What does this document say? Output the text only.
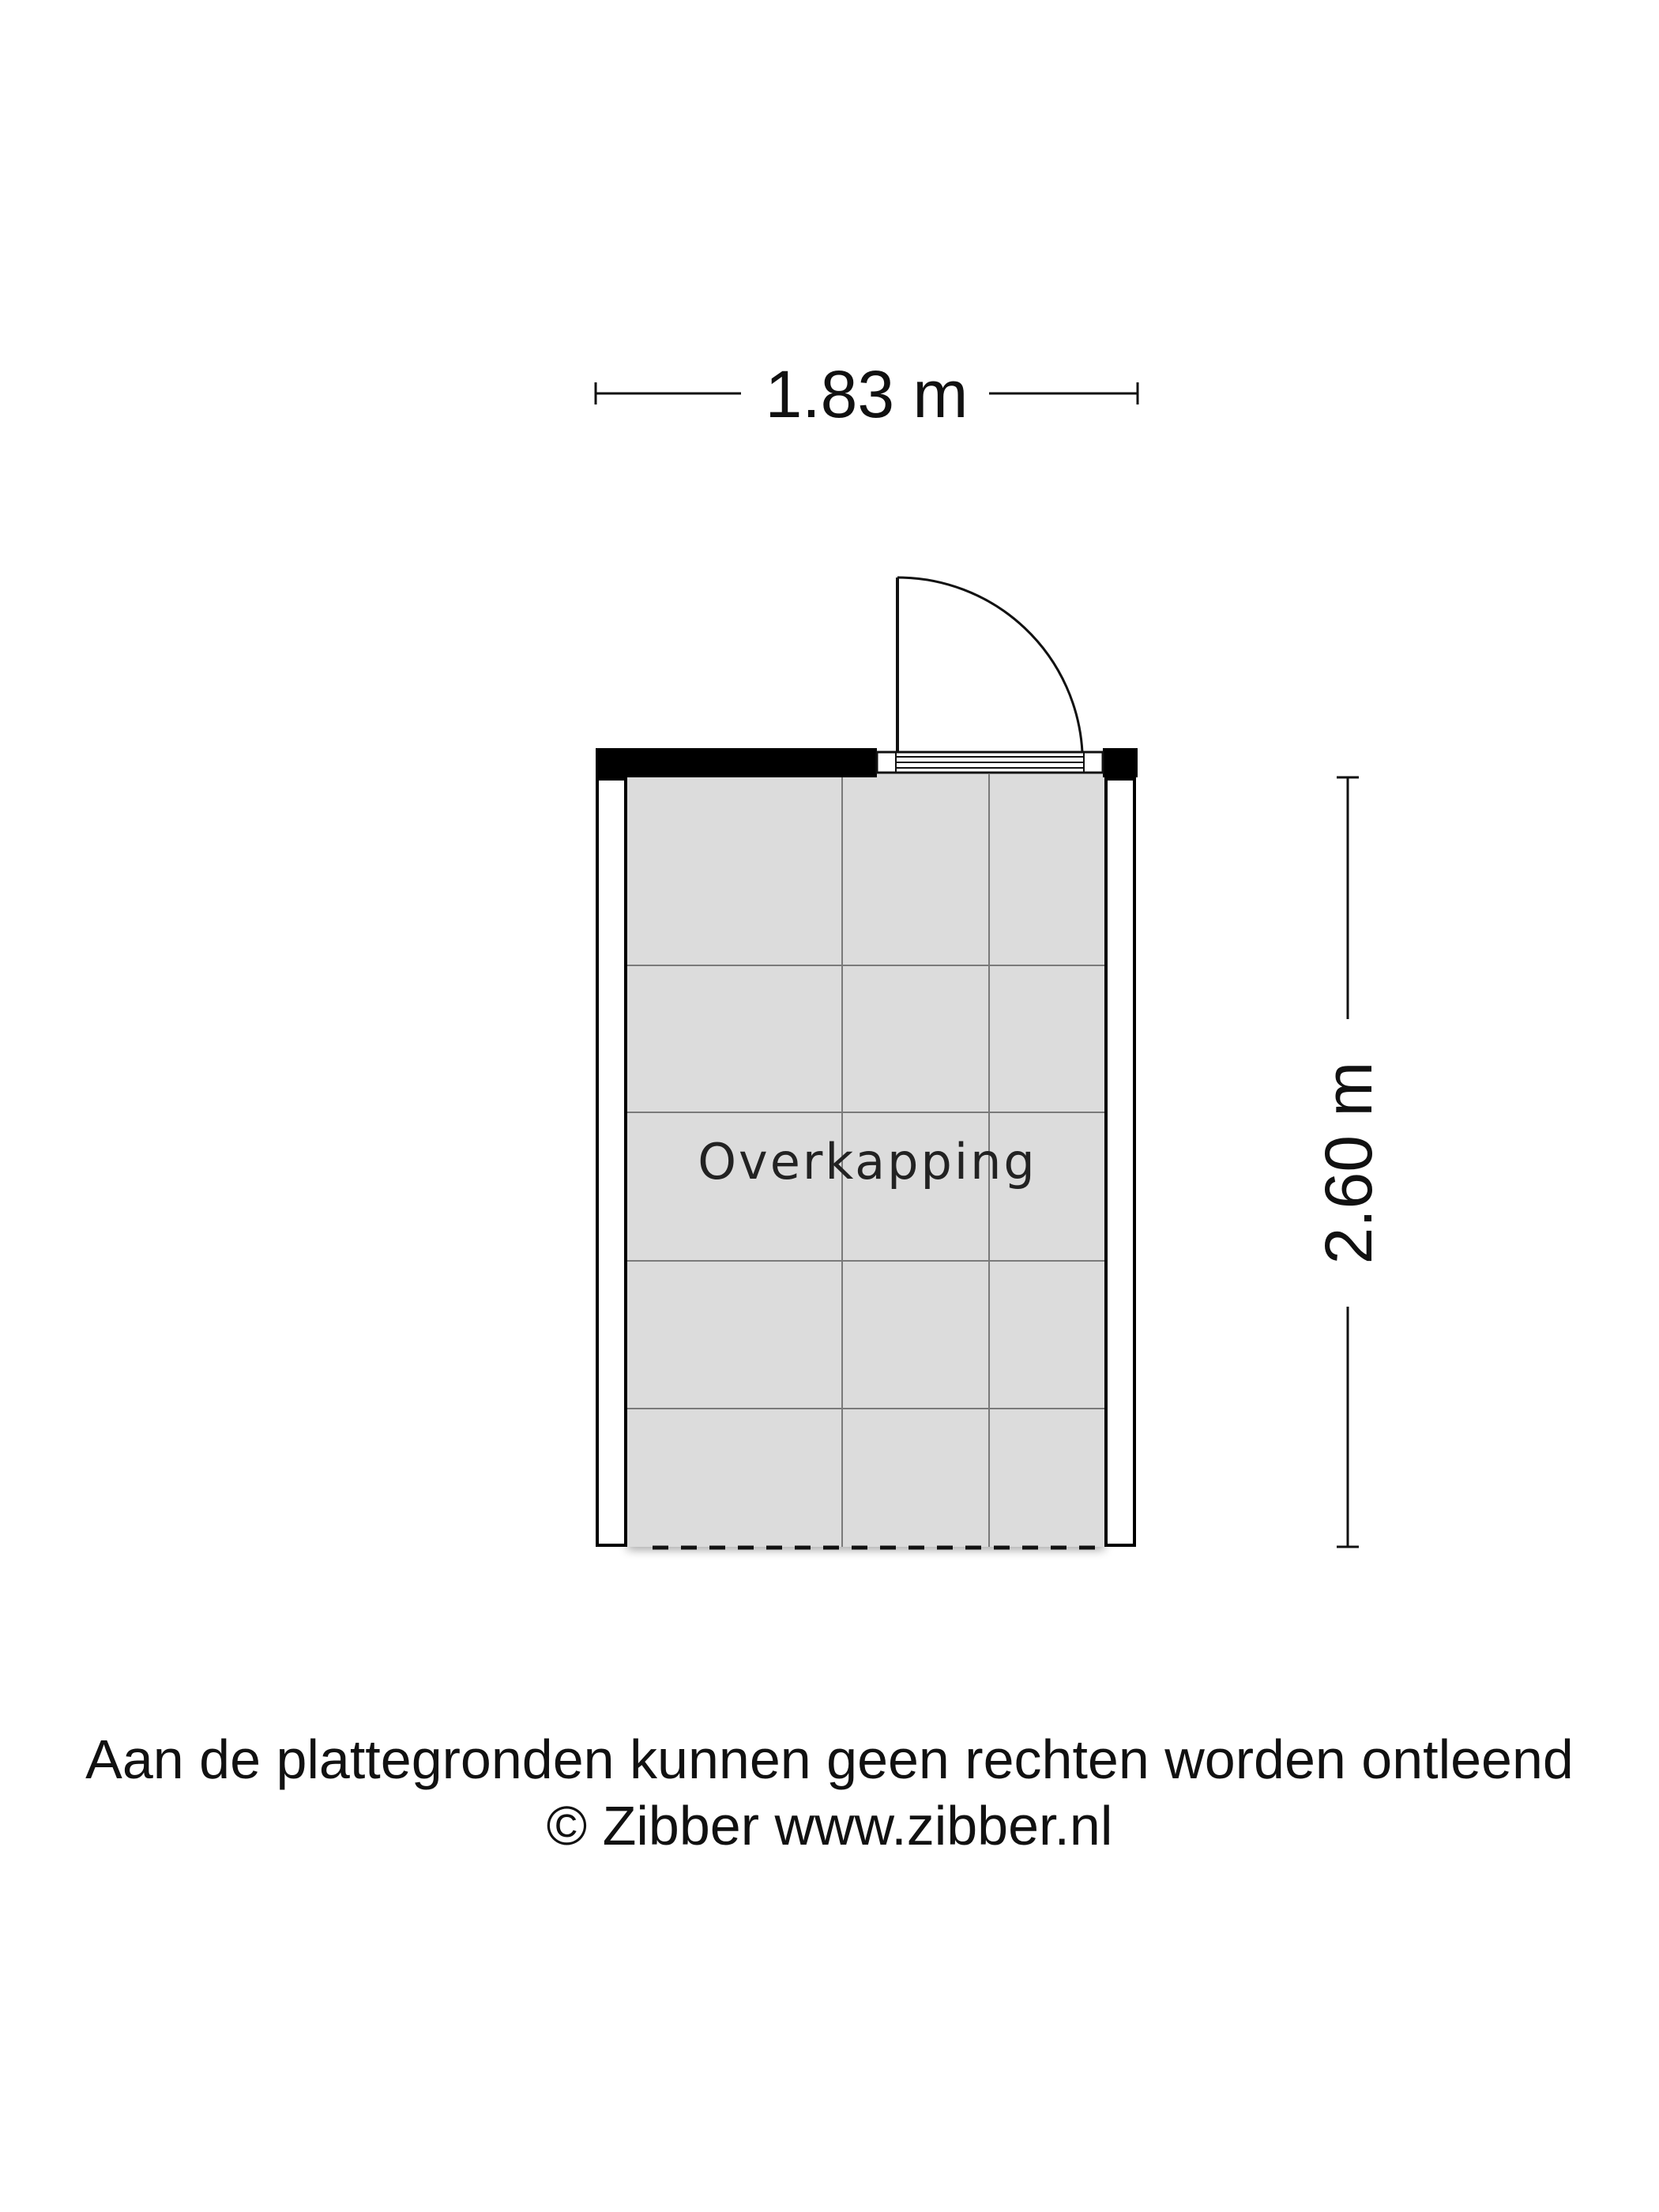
1.83 m
2.60 m
Overkapping
Aan de plattegronden kunnen geen rechten worden ontleend
© Zibber www.zibber.nl
